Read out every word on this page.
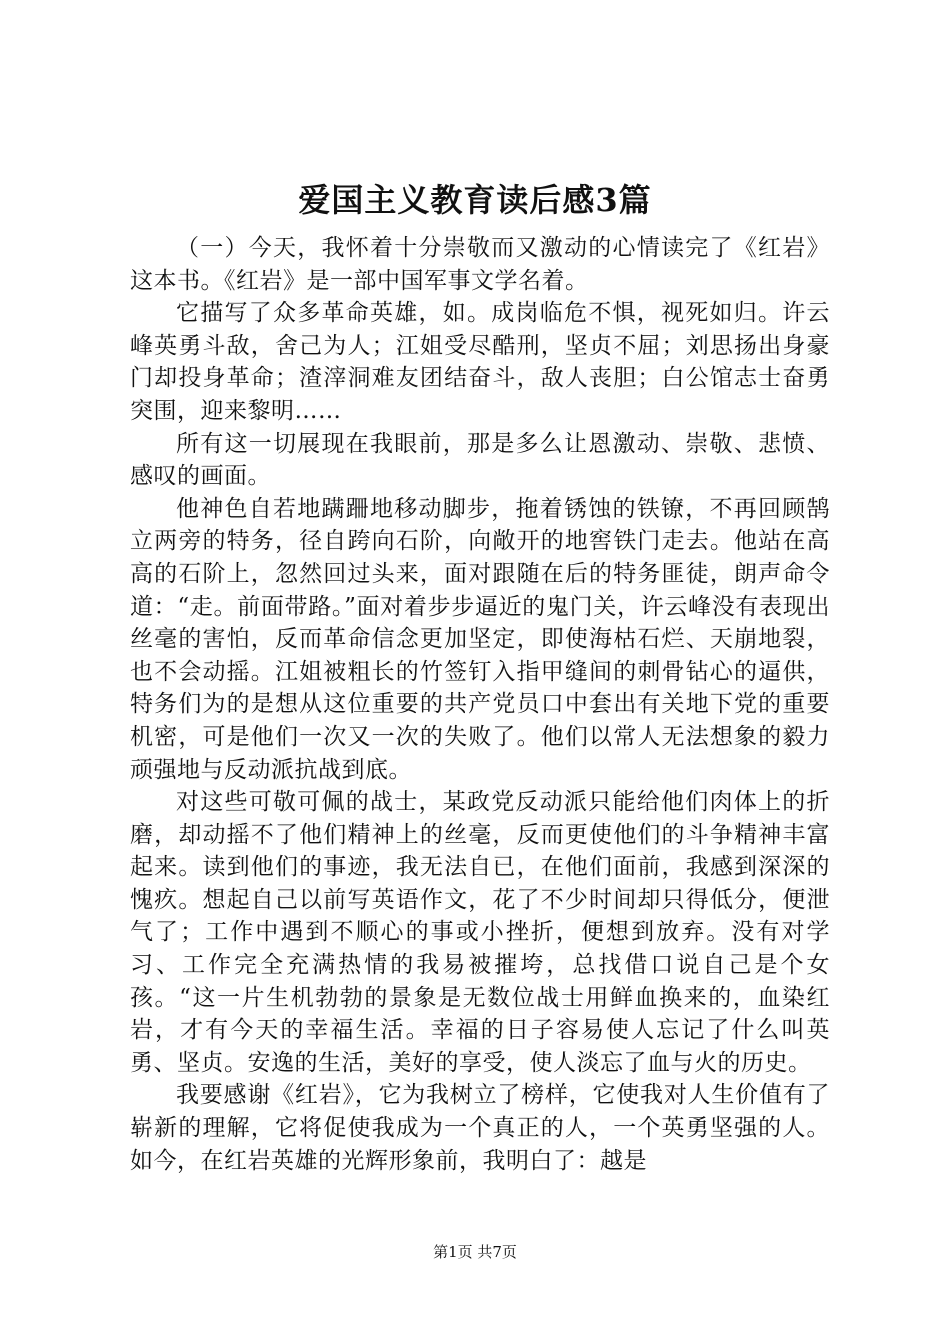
爱国主义教育读后感3篇

（一）今天，我怀着十分崇敬而又激动的心情读完了《红岩》这本书。《红岩》是一部中国军事文学名着。

它描写了众多革命英雄，如。成岗临危不惧，视死如归。许云峰英勇斗敌，舍己为人；江姐受尽酷刑，坚贞不屈；刘思扬出身豪门却投身革命；渣滓洞难友团结奋斗，敌人丧胆；白公馆志士奋勇突围，迎来黎明……

所有这一切展现在我眼前，那是多么让恩激动、崇敬、悲愤、感叹的画面。

他神色自若地蹒跚地移动脚步，拖着锈蚀的铁镣，不再回顾鹄立两旁的特务，径自跨向石阶，向敞开的地窖铁门走去。他站在高高的石阶上，忽然回过头来，面对跟随在后的特务匪徒，朗声命令道：“走。前面带路。”面对着步步逼近的鬼门关，许云峰没有表现出丝毫的害怕，反而革命信念更加坚定，即使海枯石烂、天崩地裂，也不会动摇。江姐被粗长的竹签钉入指甲缝间的刺骨钻心的逼供，特务们为的是想从这位重要的共产党员口中套出有关地下党的重要机密，可是他们一次又一次的失败了。他们以常人无法想象的毅力顽强地与反动派抗战到底。

对这些可敬可佩的战士，某政党反动派只能给他们肉体上的折磨，却动摇不了他们精神上的丝毫，反而更使他们的斗争精神丰富起来。读到他们的事迹，我无法自已，在他们面前，我感到深深的愧疚。想起自己以前写英语作文，花了不少时间却只得低分，便泄气了；工作中遇到不顺心的事或小挫折，便想到放弃。没有对学习、工作完全充满热情的我易被摧垮，总找借口说自己是个女孩。“这一片生机勃勃的景象是无数位战士用鲜血换来的，血染红岩，才有今天的幸福生活。幸福的日子容易使人忘记了什么叫英勇、坚贞。安逸的生活，美好的享受，使人淡忘了血与火的历史。

我要感谢《红岩》，它为我树立了榜样，它使我对人生价值有了崭新的理解，它将促使我成为一个真正的人，一个英勇坚强的人。如今，在红岩英雄的光辉形象前，我明白了：越是

第1页 共7页
